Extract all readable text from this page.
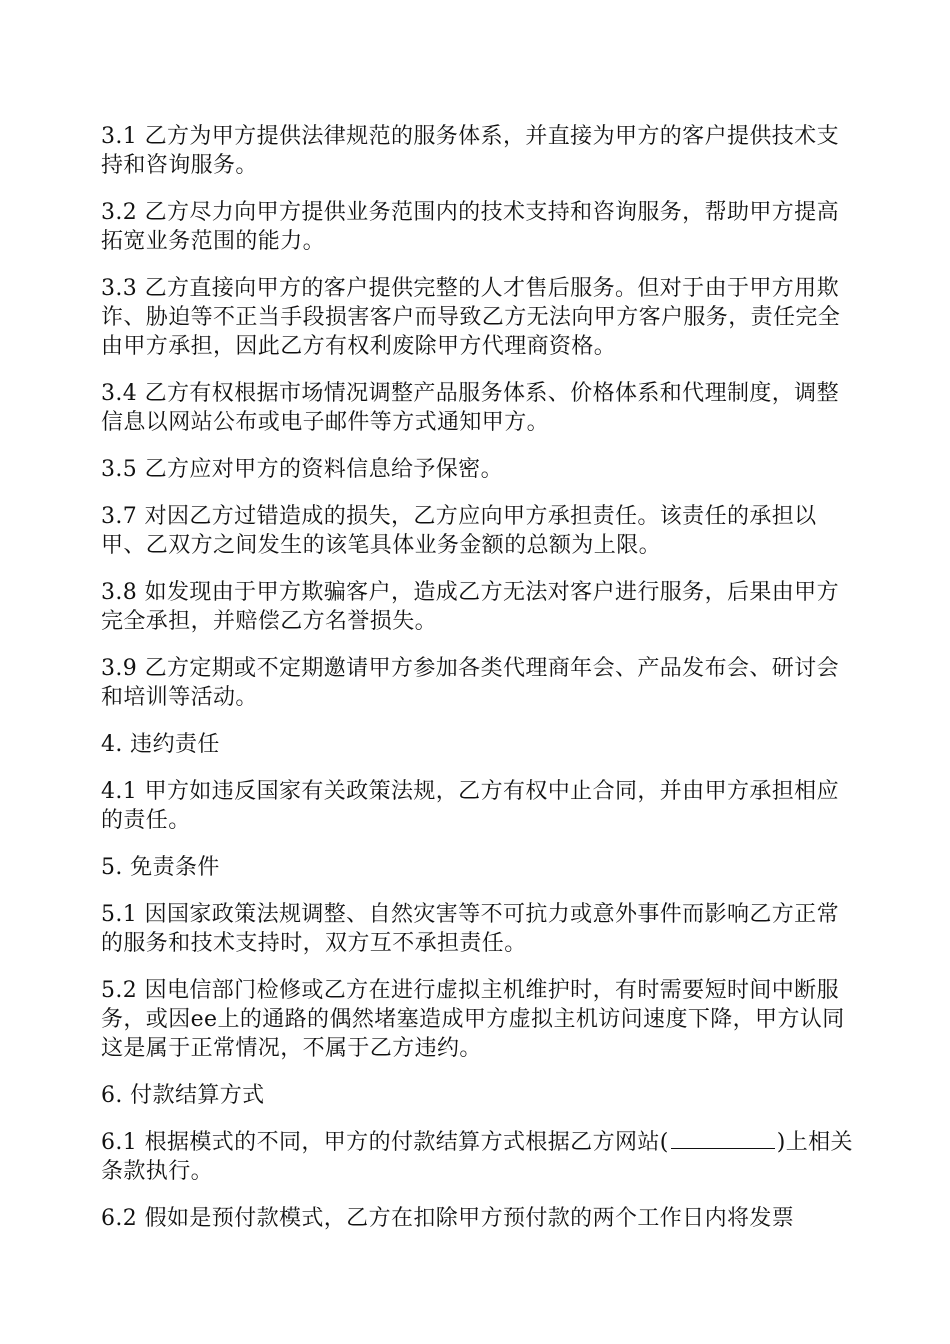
3.1 乙方为甲方提供法律规范的服务体系，并直接为甲方的客户提供技术支持和咨询服务。

3.2 乙方尽力向甲方提供业务范围内的技术支持和咨询服务，帮助甲方提高拓宽业务范围的能力。

3.3 乙方直接向甲方的客户提供完整的人才售后服务。但对于由于甲方用欺诈、胁迫等不正当手段损害客户而导致乙方无法向甲方客户服务，责任完全由甲方承担，因此乙方有权利废除甲方代理商资格。

3.4 乙方有权根据市场情况调整产品服务体系、价格体系和代理制度，调整信息以网站公布或电子邮件等方式通知甲方。

3.5 乙方应对甲方的资料信息给予保密。

3.7 对因乙方过错造成的损失，乙方应向甲方承担责任。该责任的承担以甲、乙双方之间发生的该笔具体业务金额的总额为上限。

3.8 如发现由于甲方欺骗客户，造成乙方无法对客户进行服务，后果由甲方完全承担，并赔偿乙方名誉损失。

3.9 乙方定期或不定期邀请甲方参加各类代理商年会、产品发布会、研讨会和培训等活动。

4. 违约责任

4.1 甲方如违反国家有关政策法规，乙方有权中止合同，并由甲方承担相应的责任。

5. 免责条件

5.1 因国家政策法规调整、自然灾害等不可抗力或意外事件而影响乙方正常的服务和技术支持时，双方互不承担责任。

5.2 因电信部门检修或乙方在进行虚拟主机维护时，有时需要短时间中断服务，或因ee上的通路的偶然堵塞造成甲方虚拟主机访问速度下降，甲方认同这是属于正常情况，不属于乙方违约。

6. 付款结算方式

6.1 根据模式的不同，甲方的付款结算方式根据乙方网站(	)上相关条款执行。

6.2 假如是预付款模式，乙方在扣除甲方预付款的两个工作日内将发票
